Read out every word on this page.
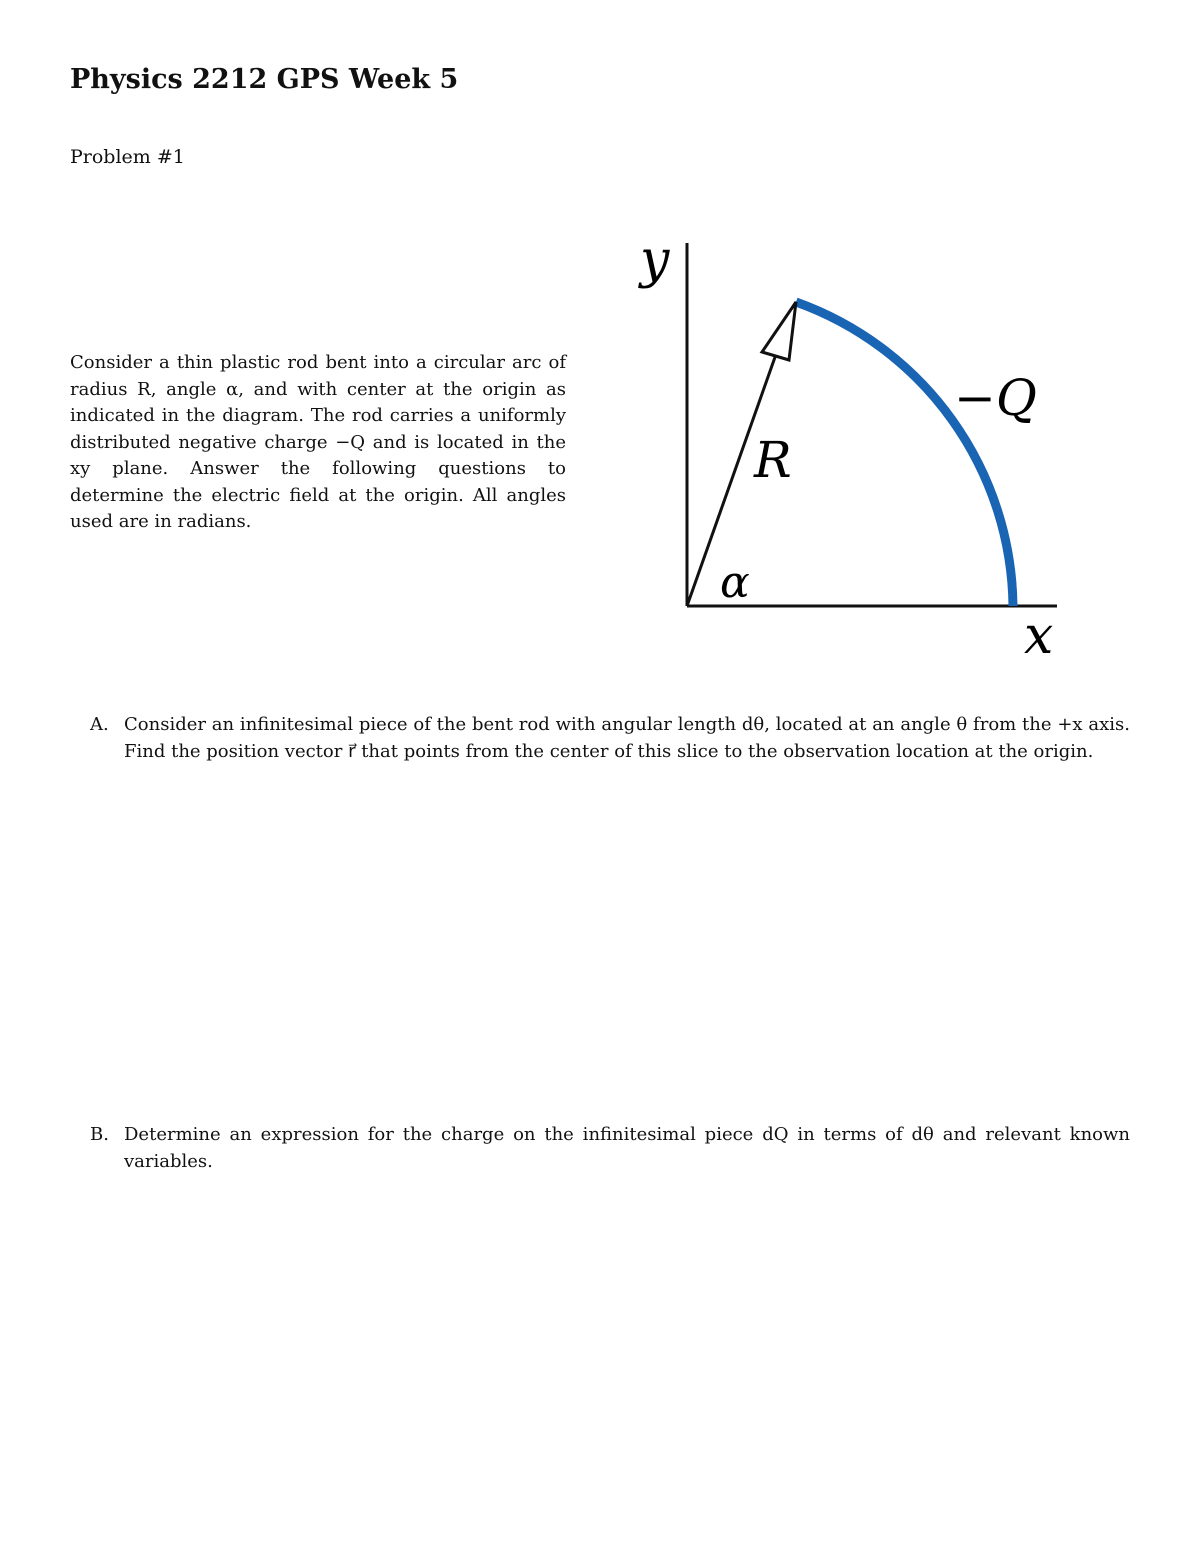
Physics 2212 GPS Week 5

Problem #1

Consider a thin plastic rod bent into a circular arc of radius R, angle α, and with center at the origin as indicated in the diagram. The rod carries a uniformly distributed negative charge −Q and is located in the xy plane. Answer the following questions to determine the electric field at the origin. All angles used are in radians.

y
x
R
α
−Q

A. Consider an infinitesimal piece of the bent rod with angular length dθ, located at an angle θ from the +x axis. Find the position vector r⃗ that points from the center of this slice to the observation location at the origin.

B. Determine an expression for the charge on the infinitesimal piece dQ in terms of dθ and relevant known variables.
